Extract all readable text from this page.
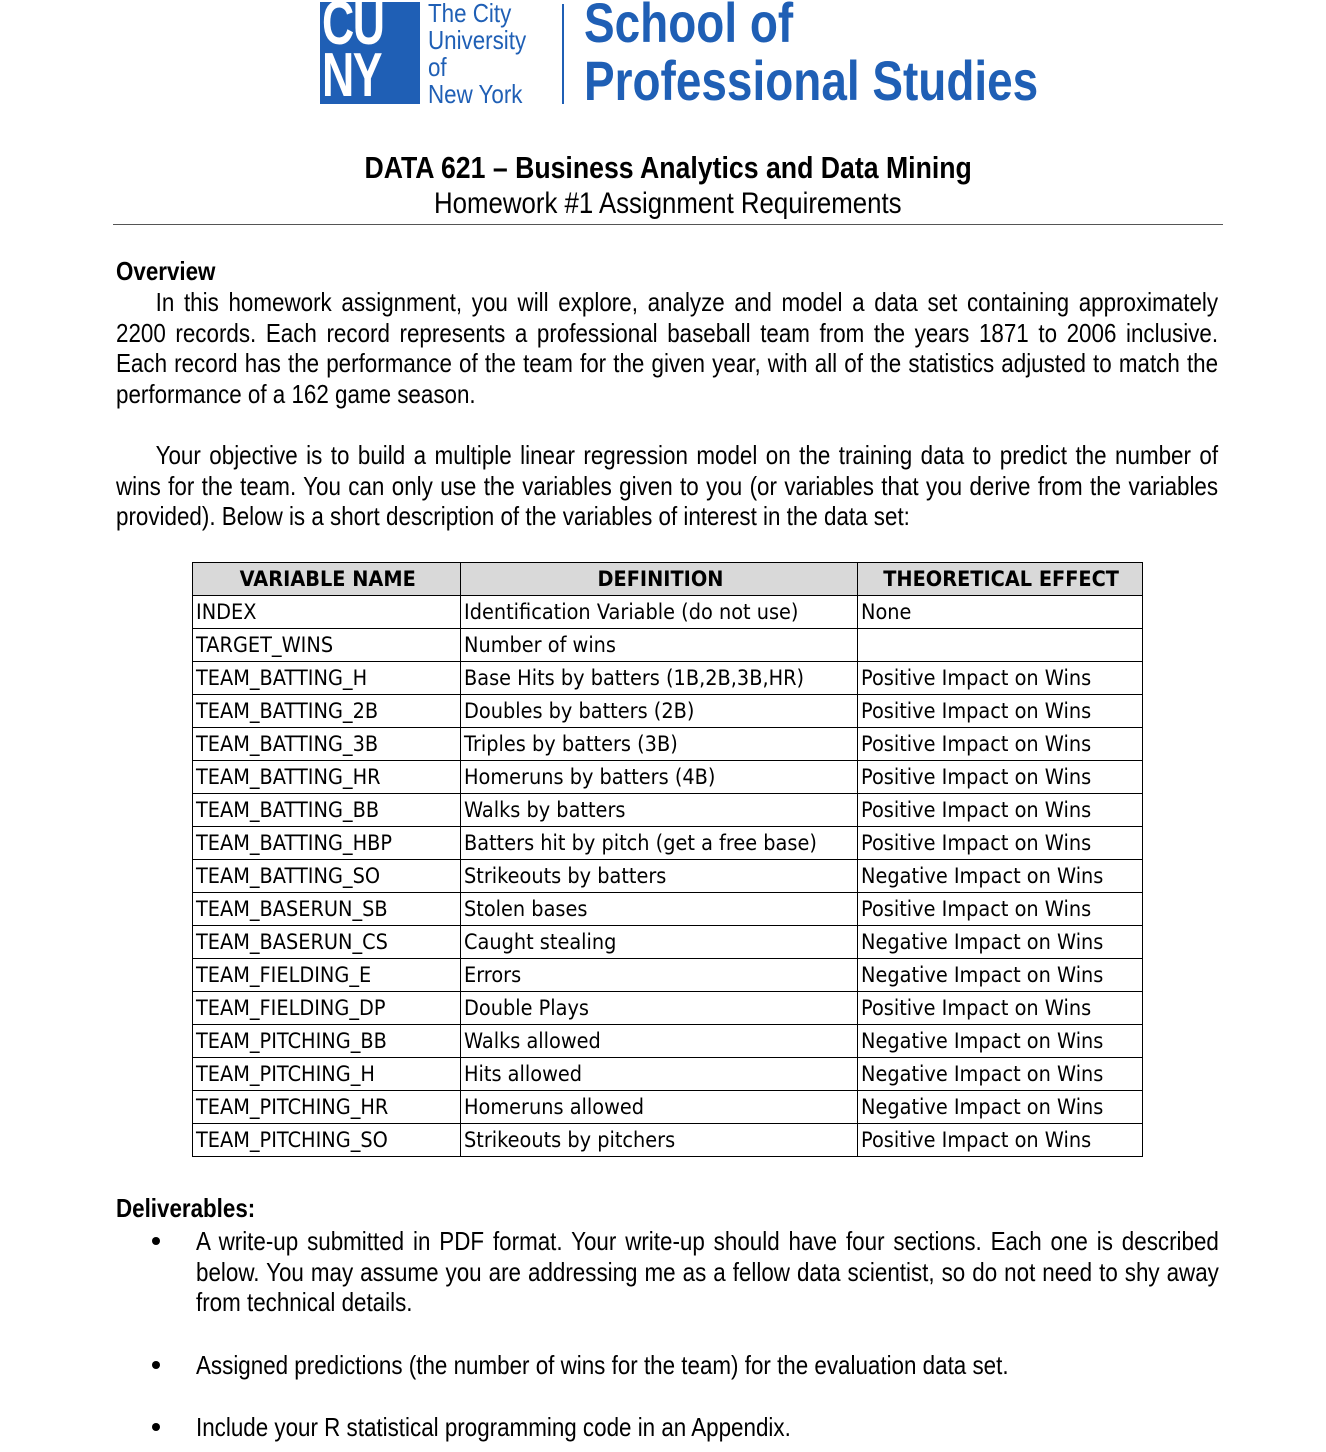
CU
NY
The City
University
of
New York
School of
Professional Studies
DATA 621 – Business Analytics and Data Mining
Homework #1 Assignment Requirements
Overview
In this homework assignment, you will explore, analyze and model a data set containing approximately 2200 records. Each record represents a professional baseball team from the years 1871 to 2006 inclusive. Each record has the performance of the team for the given year, with all of the statistics adjusted to match the performance of a 162 game season.
Your objective is to build a multiple linear regression model on the training data to predict the number of wins for the team. You can only use the variables given to you (or variables that you derive from the variables provided). Below is a short description of the variables of interest in the data set:
VARIABLE NAME	DEFINITION	THEORETICAL EFFECT
INDEX	Identification Variable (do not use)	None
TARGET_WINS	Number of wins	
TEAM_BATTING_H	Base Hits by batters (1B,2B,3B,HR)	Positive Impact on Wins
TEAM_BATTING_2B	Doubles by batters (2B)	Positive Impact on Wins
TEAM_BATTING_3B	Triples by batters (3B)	Positive Impact on Wins
TEAM_BATTING_HR	Homeruns by batters (4B)	Positive Impact on Wins
TEAM_BATTING_BB	Walks by batters	Positive Impact on Wins
TEAM_BATTING_HBP	Batters hit by pitch (get a free base)	Positive Impact on Wins
TEAM_BATTING_SO	Strikeouts by batters	Negative Impact on Wins
TEAM_BASERUN_SB	Stolen bases	Positive Impact on Wins
TEAM_BASERUN_CS	Caught stealing	Negative Impact on Wins
TEAM_FIELDING_E	Errors	Negative Impact on Wins
TEAM_FIELDING_DP	Double Plays	Positive Impact on Wins
TEAM_PITCHING_BB	Walks allowed	Negative Impact on Wins
TEAM_PITCHING_H	Hits allowed	Negative Impact on Wins
TEAM_PITCHING_HR	Homeruns allowed	Negative Impact on Wins
TEAM_PITCHING_SO	Strikeouts by pitchers	Positive Impact on Wins
Deliverables:
A write-up submitted in PDF format. Your write-up should have four sections. Each one is described below. You may assume you are addressing me as a fellow data scientist, so do not need to shy away from technical details.
Assigned predictions (the number of wins for the team) for the evaluation data set.
Include your R statistical programming code in an Appendix.
